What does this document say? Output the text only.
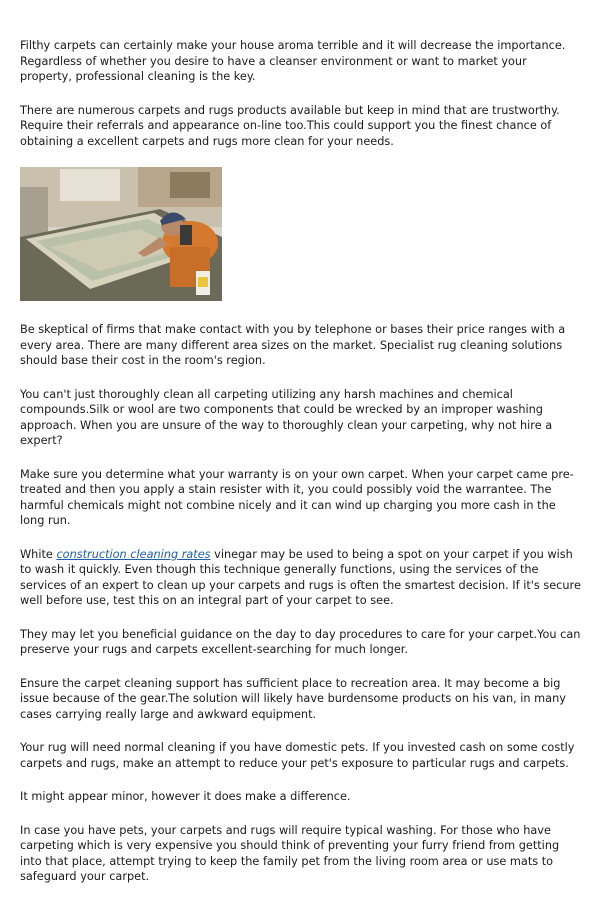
Filthy carpets can certainly make your house aroma terrible and it will decrease the importance. Regardless of whether you desire to have a cleanser environment or want to market your property, professional cleaning is the key.

There are numerous carpets and rugs products available but keep in mind that are trustworthy. Require their referrals and appearance on-line too.This could support you the finest chance of obtaining a excellent carpets and rugs more clean for your needs.

Be skeptical of firms that make contact with you by telephone or bases their price ranges with a every area. There are many different area sizes on the market. Specialist rug cleaning solutions should base their cost in the room's region.

You can't just thoroughly clean all carpeting utilizing any harsh machines and chemical compounds.Silk or wool are two components that could be wrecked by an improper washing approach. When you are unsure of the way to thoroughly clean your carpeting, why not hire a expert?

Make sure you determine what your warranty is on your own carpet. When your carpet came pre-treated and then you apply a stain resister with it, you could possibly void the warrantee. The harmful chemicals might not combine nicely and it can wind up charging you more cash in the long run.

White construction cleaning rates vinegar may be used to being a spot on your carpet if you wish to wash it quickly. Even though this technique generally functions, using the services of the services of an expert to clean up your carpets and rugs is often the smartest decision. If it's secure well before use, test this on an integral part of your carpet to see.

They may let you beneficial guidance on the day to day procedures to care for your carpet.You can preserve your rugs and carpets excellent-searching for much longer.

Ensure the carpet cleaning support has sufficient place to recreation area. It may become a big issue because of the gear.The solution will likely have burdensome products on his van, in many cases carrying really large and awkward equipment.

Your rug will need normal cleaning if you have domestic pets. If you invested cash on some costly carpets and rugs, make an attempt to reduce your pet's exposure to particular rugs and carpets.

It might appear minor, however it does make a difference.

In case you have pets, your carpets and rugs will require typical washing. For those who have carpeting which is very expensive you should think of preventing your furry friend from getting into that place, attempt trying to keep the family pet from the living room area or use mats to safeguard your carpet.
